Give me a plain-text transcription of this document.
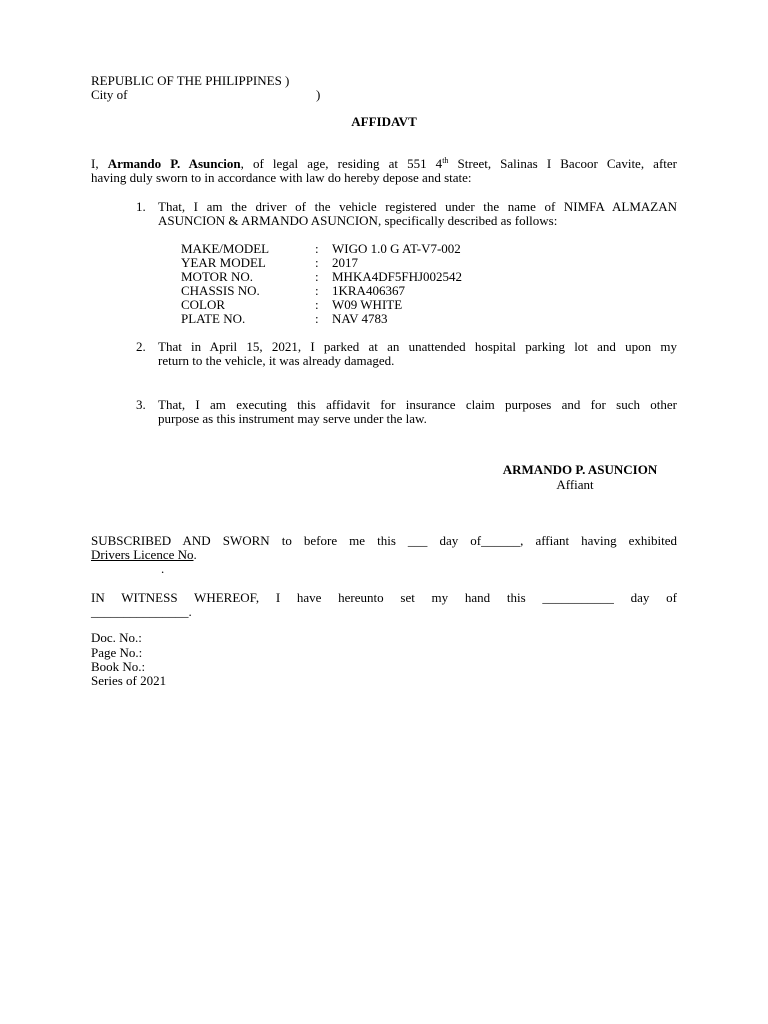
REPUBLIC OF THE PHILIPPINES )
City of	)
AFFIDAVT
I, Armando P. Asuncion, of legal age, residing at 551 4th Street, Salinas I Bacoor Cavite, after
having duly sworn to in accordance with law do hereby depose and state:
1. That, I am the driver of the vehicle registered under the name of NIMFA ALMAZAN
ASUNCION & ARMANDO ASUNCION, specifically described as follows:
MAKE/MODEL	: WIGO 1.0 G AT-V7-002
YEAR MODEL	: 2017
MOTOR NO.	: MHKA4DF5FHJ002542
CHASSIS NO.	: 1KRA406367
COLOR	: W09 WHITE
PLATE NO.	: NAV 4783
2. That in April 15, 2021, I parked at an unattended hospital parking lot and upon my
return to the vehicle, it was already damaged.
3. That, I am executing this affidavit for insurance claim purposes and for such other
purpose as this instrument may serve under the law.
ARMANDO P. ASUNCION
Affiant
SUBSCRIBED AND SWORN to before me this ___ day of______, affiant having exhibited
Drivers Licence No.
.
IN WITNESS WHEREOF, I have hereunto set my hand this ___________ day of
_______________.
Doc. No.:
Page No.:
Book No.:
Series of 2021
